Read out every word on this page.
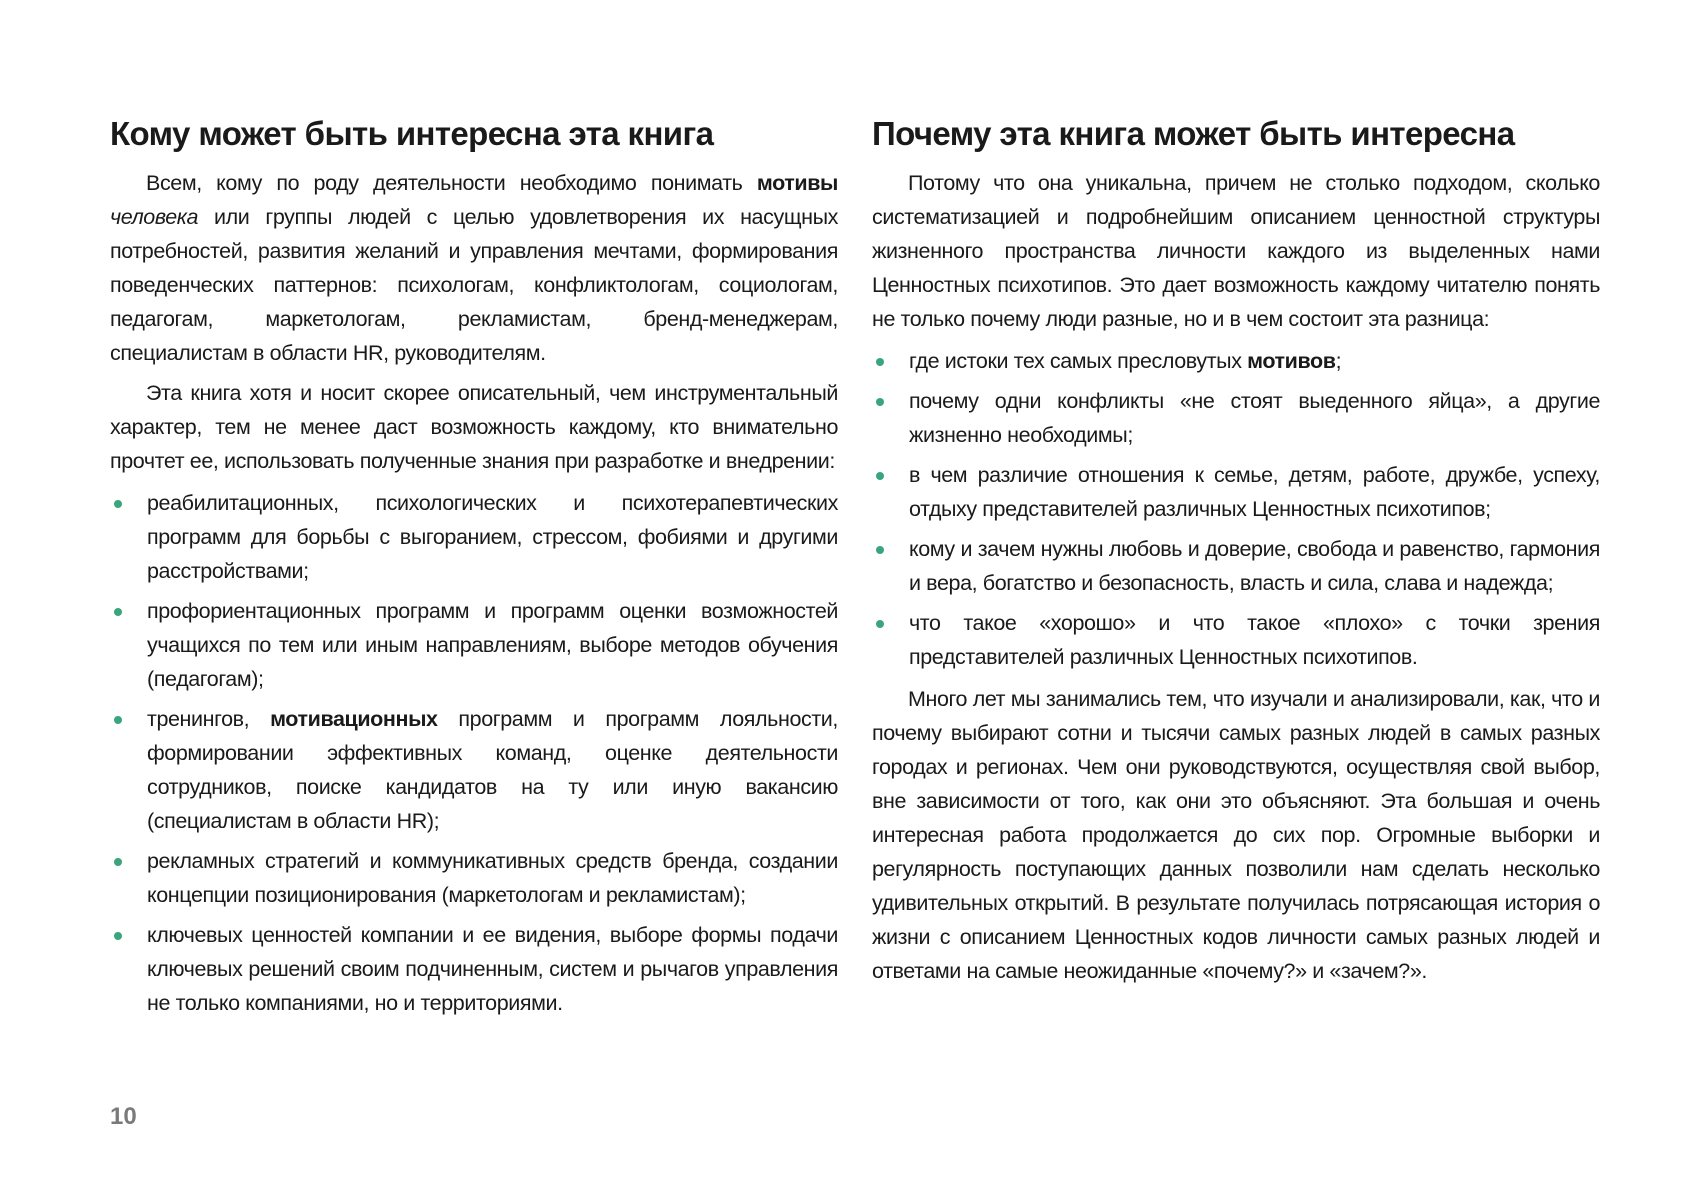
Кому может быть интересна эта книга

Всем, кому по роду деятельности необходимо понимать мотивы человека или группы людей с целью удовлетворения их насущных потребностей, развития желаний и управления мечтами, формирования поведенческих паттернов: психологам, конфликтологам, социологам, педагогам, маркетологам, рекламистам, бренд-менеджерам, специалистам в области HR, руководителям.

Эта книга хотя и носит скорее описательный, чем инструментальный характер, тем не менее даст возможность каждому, кто внимательно прочтет ее, использовать полученные знания при разработке и внедрении:

реабилитационных, психологических и психотерапевтических программ для борьбы с выгоранием, стрессом, фобиями и другими расстройствами;
профориентационных программ и программ оценки возможностей учащихся по тем или иным направлениям, выборе методов обучения (педагогам);
тренингов, мотивационных программ и программ лояльности, формировании эффективных команд, оценке деятельности сотрудников, поиске кандидатов на ту или иную вакансию (специалистам в области HR);
рекламных стратегий и коммуникативных средств бренда, создании концепции позиционирования (маркетологам и рекламистам);
ключевых ценностей компании и ее видения, выборе формы подачи ключевых решений своим подчиненным, систем и рычагов управления не только компаниями, но и территориями.
Почему эта книга может быть интересна

Потому что она уникальна, причем не столько подходом, сколько систематизацией и подробнейшим описанием ценностной структуры жизненного пространства личности каждого из выделенных нами Ценностных психотипов. Это дает возможность каждому читателю понять не только почему люди разные, но и в чем состоит эта разница:

где истоки тех самых пресловутых мотивов;
почему одни конфликты «не стоят выеденного яйца», а другие жизненно необходимы;
в чем различие отношения к семье, детям, работе, дружбе, успеху, отдыху представителей различных Ценностных психотипов;
кому и зачем нужны любовь и доверие, свобода и равенство, гармония и вера, богатство и безопасность, власть и сила, слава и надежда;
что такое «хорошо» и что такое «плохо» с точки зрения представителей различных Ценностных психотипов.

Много лет мы занимались тем, что изучали и анализировали, как, что и почему выбирают сотни и тысячи самых разных людей в самых разных городах и регионах. Чем они руководствуются, осуществляя свой выбор, вне зависимости от того, как они это объясняют. Эта большая и очень интересная работа продолжается до сих пор. Огромные выборки и регулярность поступающих данных позволили нам сделать несколько удивительных открытий. В результате получилась потрясающая история о жизни с описанием Ценностных кодов личности самых разных людей и ответами на самые неожиданные «почему?» и «зачем?».

10
